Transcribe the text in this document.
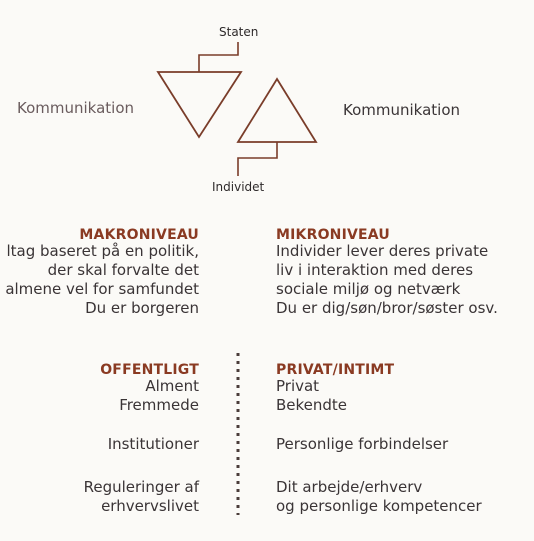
Staten
Individet
Kommunikation	Kommunikation
MAKRONIVEAU
ltag baseret på en politik,
der skal forvalte det
almene vel for samfundet
Du er borgeren
MIKRONIVEAU
Individer lever deres private
liv i interaktion med deres
sociale miljø og netværk
Du er dig/søn/bror/søster osv.
OFFENTLIGT
Alment
Fremmede
Institutioner
Reguleringer af
erhvervslivet
PRIVAT/INTIMT
Privat
Bekendte
Personlige forbindelser
Dit arbejde/erhverv
og personlige kompetencer
